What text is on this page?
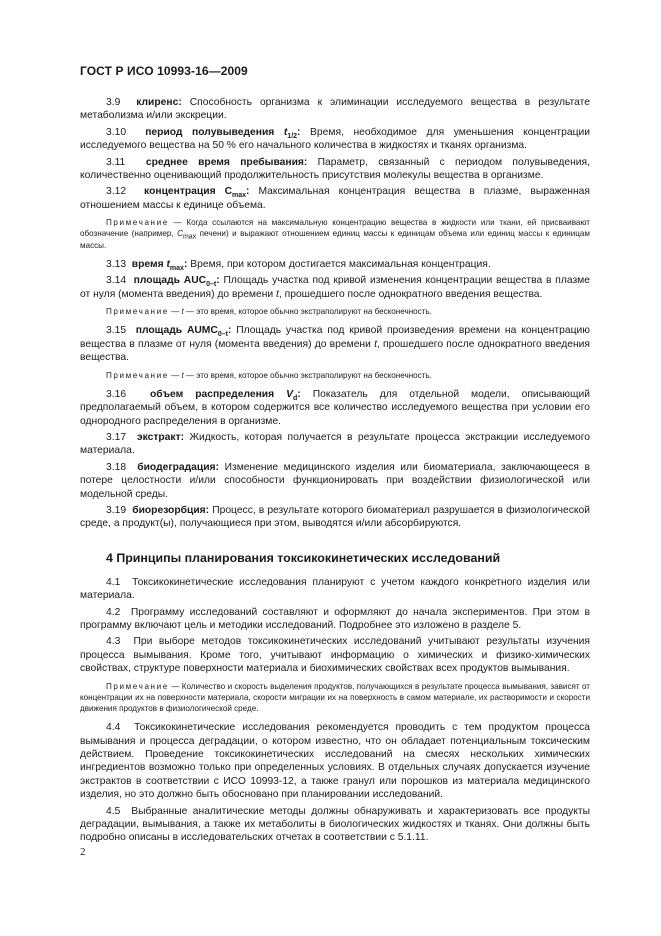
ГОСТ Р ИСО 10993-16—2009

3.9 клиренс: Способность организма к элиминации исследуемого вещества в результате метаболизма и/или экскреции.

3.10 период полувыведения $t_{1/2}$: Время, необходимое для уменьшения концентрации исследуемого вещества на 50 % его начального количества в жидкостях и тканях организма.

3.11 среднее время пребывания: Параметр, связанный с периодом полувыведения, количественно оценивающий продолжительность присутствия молекулы вещества в организме.

3.12 концентрация $C_{max}$: Максимальная концентрация вещества в плазме, выраженная отношением массы к единице объема.

Примечание — Когда ссылаются на максимальную концентрацию вещества в жидкости или ткани, ей присваивают обозначение (например, $C_{max}$ печени) и выражают отношением единиц массы к единицам объема или единиц массы к единицам массы.

3.13 время $t_{max}$: Время, при котором достигается максимальная концентрация.

3.14 площадь $AUC_{0-t}$: Площадь участка под кривой изменения концентрации вещества в плазме от нуля (момента введения) до времени t, прошедшего после однократного введения вещества.

Примечание — t — это время, которое обычно экстраполируют на бесконечность.

3.15 площадь $AUMC_{0-t}$: Площадь участка под кривой произведения времени на концентрацию вещества в плазме от нуля (момента введения) до времени t, прошедшего после однократного введения вещества.

Примечание — t — это время, которое обычно экстраполируют на бесконечность.

3.16 объем распределения $V_d$: Показатель для отдельной модели, описывающий предполагаемый объем, в котором содержится все количество исследуемого вещества при условии его однородного распределения в организме.

3.17 экстракт: Жидкость, которая получается в результате процесса экстракции исследуемого материала.

3.18 биодеградация: Изменение медицинского изделия или биоматериала, заключающееся в потере целостности и/или способности функционировать при воздействии физиологической или модельной среды.

3.19 биорезорбция: Процесс, в результате которого биоматериал разрушается в физиологической среде, а продукт(ы), получающиеся при этом, выводятся и/или абсорбируются.

4 Принципы планирования токсикокинетических исследований

4.1 Токсикокинетические исследования планируют с учетом каждого конкретного изделия или материала.

4.2 Программу исследований составляют и оформляют до начала экспериментов. При этом в программу включают цель и методики исследований. Подробнее это изложено в разделе 5.

4.3 При выборе методов токсикокинетических исследований учитывают результаты изучения процесса вымывания. Кроме того, учитывают информацию о химических и физико-химических свойствах, структуре поверхности материала и биохимических свойствах всех продуктов вымывания.

Примечание — Количество и скорость выделения продуктов, получающихся в результате процесса вымывания, зависят от концентрации их на поверхности материала, скорости миграции их на поверхность в самом материале, их растворимости и скорости движения продуктов в физиологической среде.

4.4 Токсикокинетические исследования рекомендуется проводить с тем продуктом процесса вымывания и процесса деградации, о котором известно, что он обладает потенциальным токсическим действием. Проведение токсикокинетических исследований на смесях нескольких химических ингредиентов возможно только при определенных условиях. В отдельных случаях допускается изучение экстрактов в соответствии с ИСО 10993-12, а также гранул или порошков из материала медицинского изделия, но это должно быть обосновано при планировании исследований.

4.5 Выбранные аналитические методы должны обнаруживать и характеризовать все продукты деградации, вымывания, а также их метаболиты в биологических жидкостях и тканях. Они должны быть подробно описаны в исследовательских отчетах в соответствии с 5.1.11.

2
